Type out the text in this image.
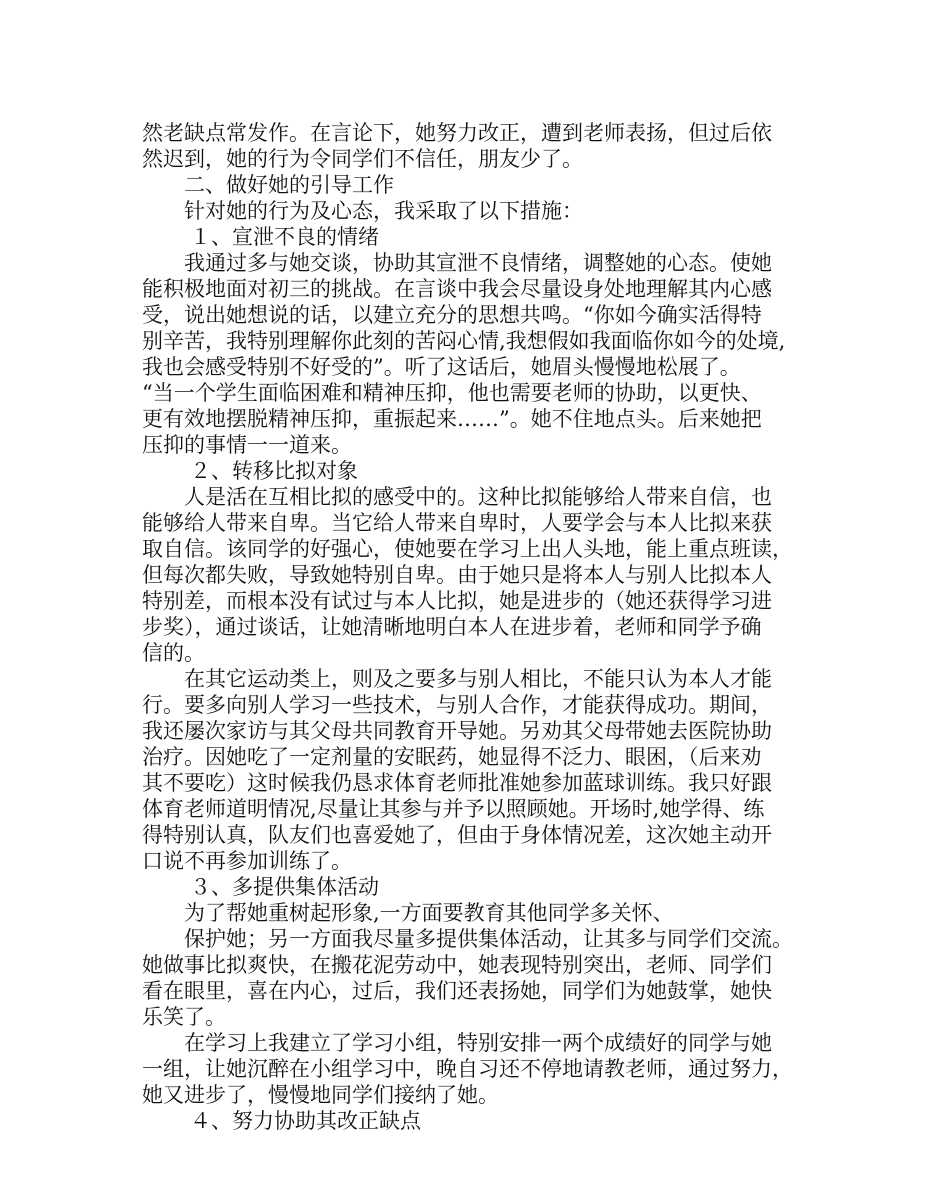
然老缺点常发作。在言论下，她努力改正，遭到老师表扬，但过后依
然迟到，她的行为令同学们不信任，朋友少了。
二、做好她的引导工作
针对她的行为及心态，我采取了以下措施：
１、宣泄不良的情绪
我通过多与她交谈，协助其宣泄不良情绪，调整她的心态。使她
能积极地面对初三的挑战。在言谈中我会尽量设身处地理解其内心感
受，说出她想说的话，以建立充分的思想共鸣。“你如今确实活得特
别辛苦，我特别理解你此刻的苦闷心情,我想假如我面临你如今的处境,
我也会感受特别不好受的”。听了这话后，她眉头慢慢地松展了。
“当一个学生面临困难和精神压抑，他也需要老师的协助，以更快、
更有效地摆脱精神压抑，重振起来……”。她不住地点头。后来她把
压抑的事情一一道来。
２、转移比拟对象
人是活在互相比拟的感受中的。这种比拟能够给人带来自信，也
能够给人带来自卑。当它给人带来自卑时，人要学会与本人比拟来获
取自信。该同学的好强心，使她要在学习上出人头地，能上重点班读，
但每次都失败，导致她特别自卑。由于她只是将本人与别人比拟本人
特别差，而根本没有试过与本人比拟，她是进步的（她还获得学习进
步奖），通过谈话，让她清晰地明白本人在进步着，老师和同学予确
信的。
在其它运动类上，则及之要多与别人相比，不能只认为本人才能
行。要多向别人学习一些技术，与别人合作，才能获得成功。期间，
我还屡次家访与其父母共同教育开导她。另劝其父母带她去医院协助
治疗。因她吃了一定剂量的安眠药，她显得不泛力、眼困，（后来劝
其不要吃）这时候我仍恳求体育老师批准她参加蓝球训练。我只好跟
体育老师道明情况,尽量让其参与并予以照顾她。开场时,她学得、练
得特别认真，队友们也喜爱她了，但由于身体情况差，这次她主动开
口说不再参加训练了。
３、多提供集体活动
为了帮她重树起形象,一方面要教育其他同学多关怀、
保护她；另一方面我尽量多提供集体活动，让其多与同学们交流。
她做事比拟爽快，在搬花泥劳动中，她表现特别突出，老师、同学们
看在眼里，喜在内心，过后，我们还表扬她，同学们为她鼓掌，她快
乐笑了。
在学习上我建立了学习小组，特别安排一两个成绩好的同学与她
一组，让她沉醉在小组学习中，晚自习还不停地请教老师，通过努力，
她又进步了，慢慢地同学们接纳了她。
４、努力协助其改正缺点
